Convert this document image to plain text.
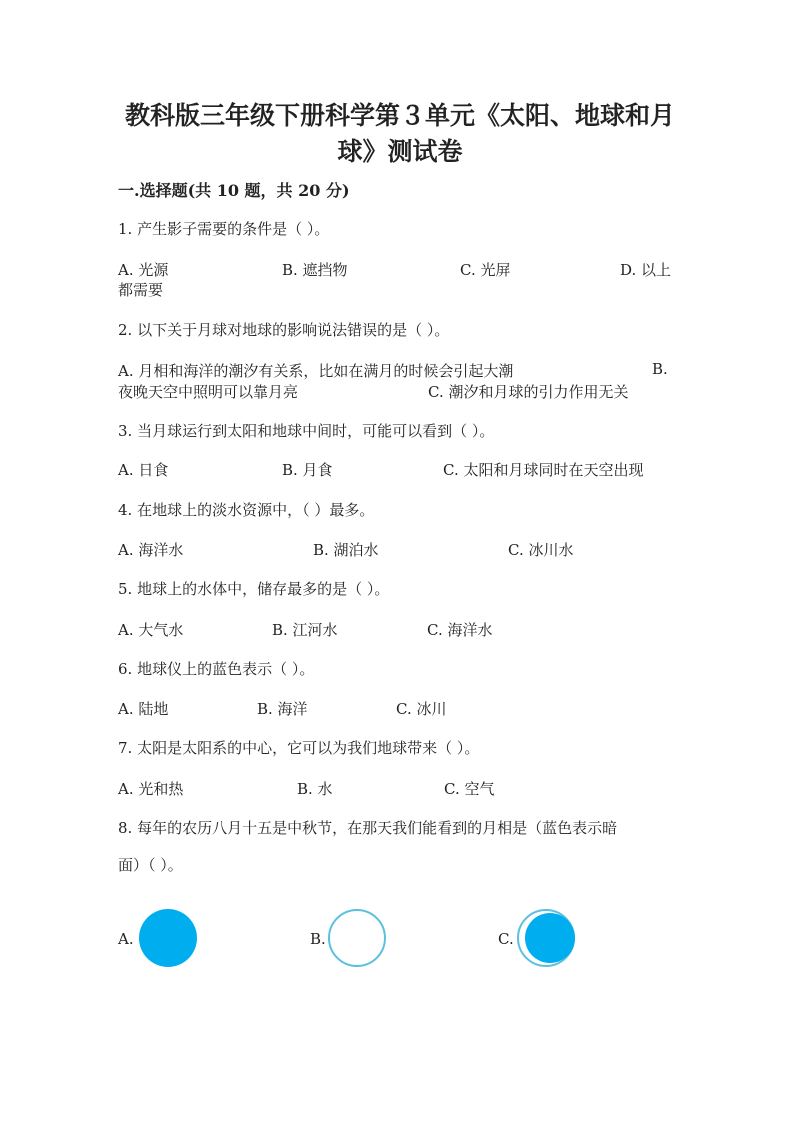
教科版三年级下册科学第３单元《太阳、地球和月
球》测试卷
一.选择题(共 10 题，共 20 分)
1. 产生影子需要的条件是（ ）。
A. 光源	B. 遮挡物	C. 光屏	D. 以上
都需要
2. 以下关于月球对地球的影响说法错误的是（ ）。
A. 月相和海洋的潮汐有关系，比如在满月的时候会引起大潮	B.
夜晚天空中照明可以靠月亮	C. 潮汐和月球的引力作用无关
3. 当月球运行到太阳和地球中间时，可能可以看到（ ）。
A. 日食	B. 月食	C. 太阳和月球同时在天空出现
4. 在地球上的淡水资源中，（ ）最多。
A. 海洋水	B. 湖泊水	C. 冰川水
5. 地球上的水体中，储存最多的是（ ）。
A. 大气水	B. 江河水	C. 海洋水
6. 地球仪上的蓝色表示（ ）。
A. 陆地	B. 海洋	C. 冰川
7. 太阳是太阳系的中心，它可以为我们地球带来（ ）。
A. 光和热	B. 水	C. 空气
8. 每年的农历八月十五是中秋节，在那天我们能看到的月相是（蓝色表示暗
面）（ ）。
A.	B.	C.
